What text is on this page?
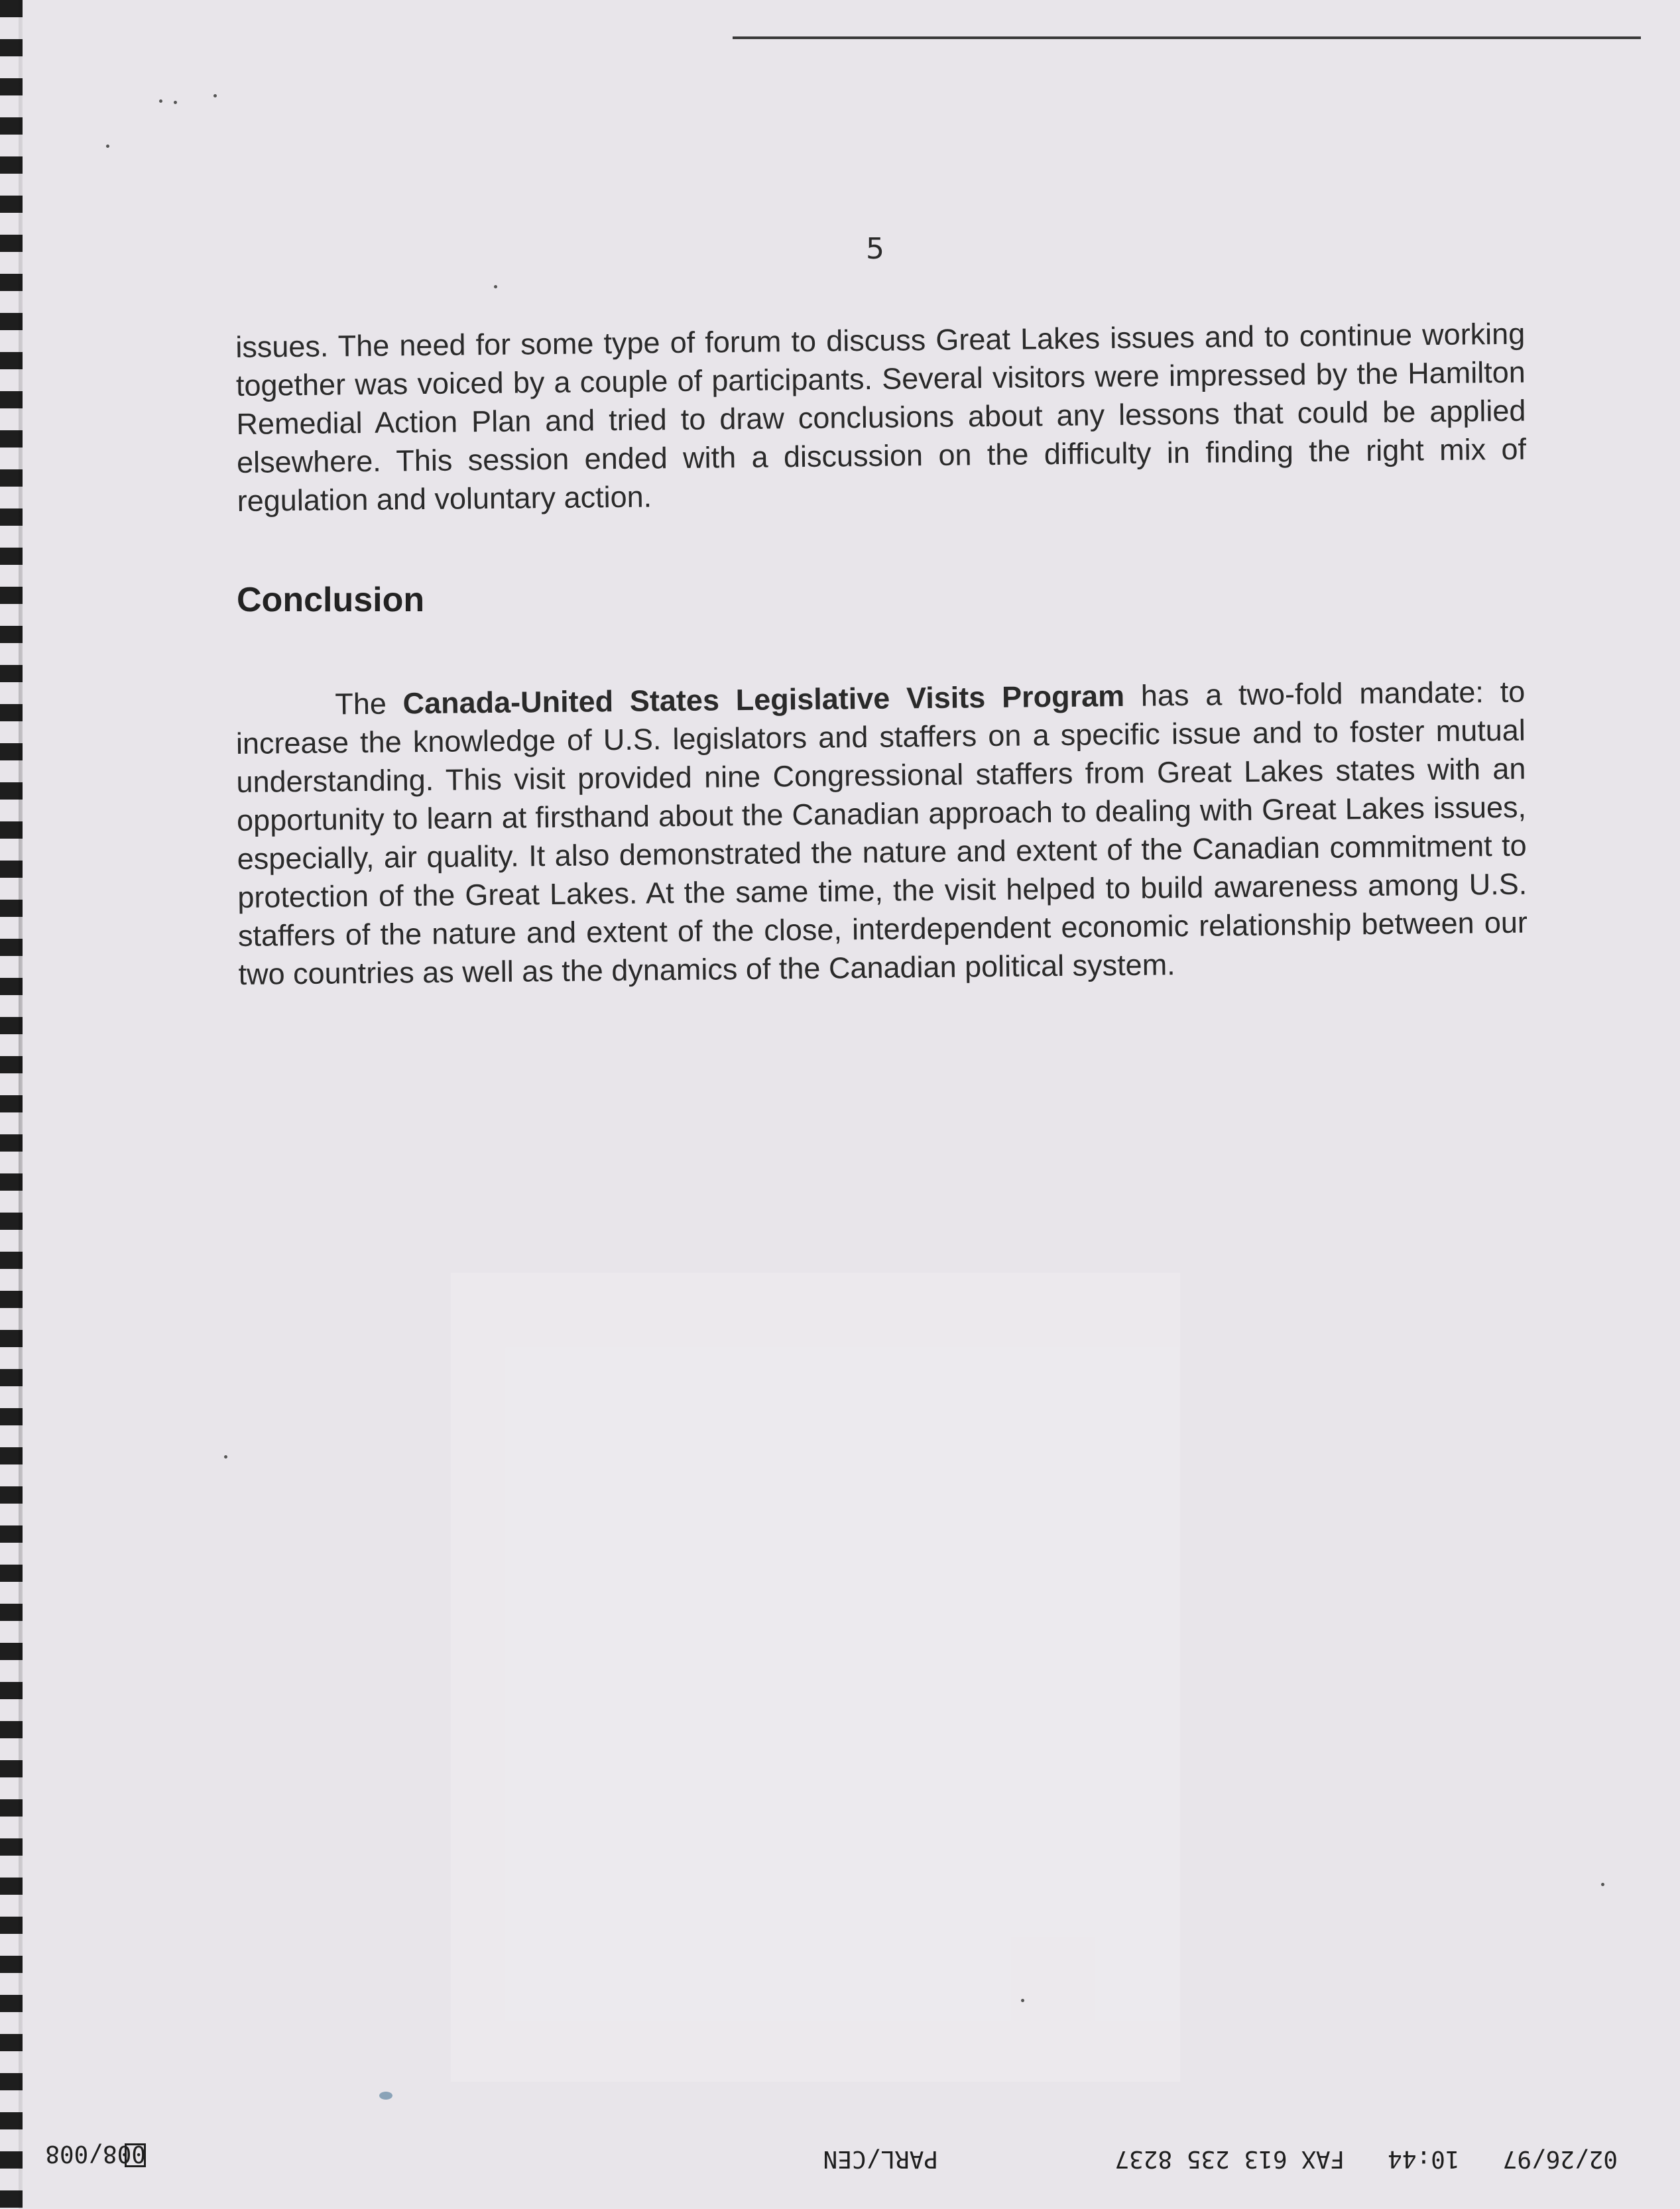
5

issues. The need for some type of forum to discuss Great Lakes issues and to continue working together was voiced by a couple of participants. Several visitors were impressed by the Hamilton Remedial Action Plan and tried to draw conclusions about any lessons that could be applied elsewhere. This session ended with a discussion on the difficulty in finding the right mix of regulation and voluntary action.

Conclusion

The Canada-United States Legislative Visits Program has a two-fold mandate: to increase the knowledge of U.S. legislators and staffers on a specific issue and to foster mutual understanding. This visit provided nine Congressional staffers from Great Lakes states with an opportunity to learn at firsthand about the Canadian approach to dealing with Great Lakes issues, especially, air quality. It also demonstrated the nature and extent of the Canadian commitment to protection of the Great Lakes. At the same time, the visit helped to build awareness among U.S. staffers of the nature and extent of the close, interdependent economic relationship between our two countries as well as the dynamics of the Canadian political system.

02/26/97   10:44   FAX 613 235 8237
PARL/CEN
008/008
